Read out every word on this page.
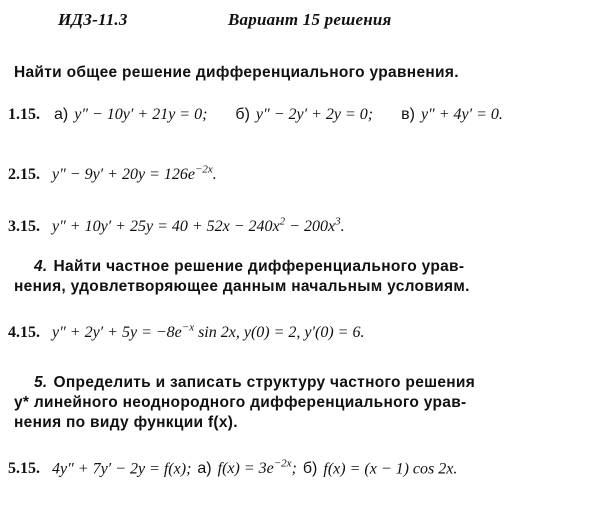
ИДЗ-11.3	Вариант 15 решения
Найти общее решение дифференциального уравнения.
1.15. а) y″ − 10y′ + 21y = 0; б) y″ − 2y′ + 2y = 0; в) y″ + 4y′ = 0.
2.15. $y'' - 9y' + 20y = 126e^{-2x}$.
3.15. $y'' + 10y' + 25y = 40 + 52x - 240x^2 - 200x^3$.
4. Найти частное решение дифференциального урав-
нения, удовлетворяющее данным начальным условиям.
4.15. $y'' + 2y' + 5y = -8e^{-x}$ sin 2x, y(0) = 2, y′(0) = 6.
5. Определить и записать структуру частного решения
y* линейного неоднородного дифференциального урав-
нения по виду функции f(x).
5.15. 4y″ + 7y′ − 2y = f(x); а) $f(x) = 3e^{-2x}$; б) f(x) = (x − 1) cos 2x.
